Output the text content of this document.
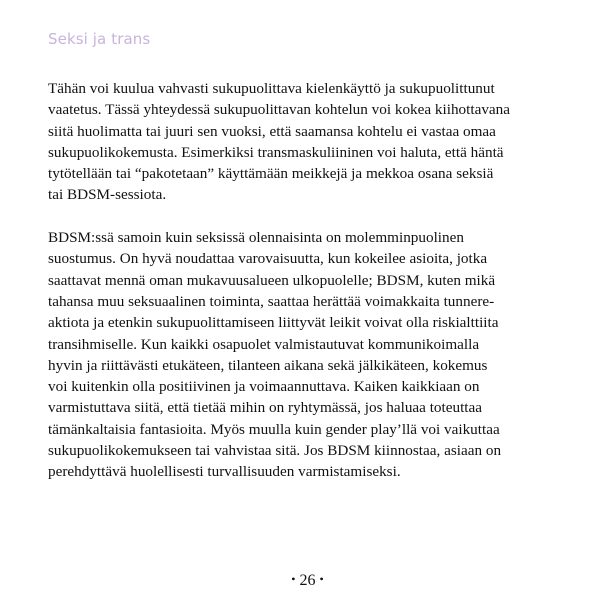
Seksi ja trans

Tähän voi kuulua vahvasti sukupuolittava kielenkäyttö ja sukupuolittunut
vaatetus. Tässä yhteydessä sukupuolittavan kohtelun voi kokea kiihottavana
siitä huolimatta tai juuri sen vuoksi, että saamansa kohtelu ei vastaa omaa
sukupuolikokemusta. Esimerkiksi transmaskuliininen voi haluta, että häntä
tytötellään tai “pakotetaan” käyttämään meikkejä ja mekkoa osana seksiä
tai BDSM-sessiota.

BDSM:ssä samoin kuin seksissä olennaisinta on molemminpuolinen
suostumus. On hyvä noudattaa varovaisuutta, kun kokeilee asioita, jotka
saattavat mennä oman mukavuusalueen ulkopuolelle; BDSM, kuten mikä
tahansa muu seksuaalinen toiminta, saattaa herättää voimakkaita tunnere-
aktiota ja etenkin sukupuolittamiseen liittyvät leikit voivat olla riskialttiita
transihmiselle. Kun kaikki osapuolet valmistautuvat kommunikoimalla
hyvin ja riittävästi etukäteen, tilanteen aikana sekä jälkikäteen, kokemus
voi kuitenkin olla positiivinen ja voimaannuttava. Kaiken kaikkiaan on
varmistuttava siitä, että tietää mihin on ryhtymässä, jos haluaa toteuttaa
tämänkaltaisia fantasioita. Myös muulla kuin gender play’llä voi vaikuttaa
sukupuolikokemukseen tai vahvistaa sitä. Jos BDSM kiinnostaa, asiaan on
perehdyttävä huolellisesti turvallisuuden varmistamiseksi.

• 26 •
